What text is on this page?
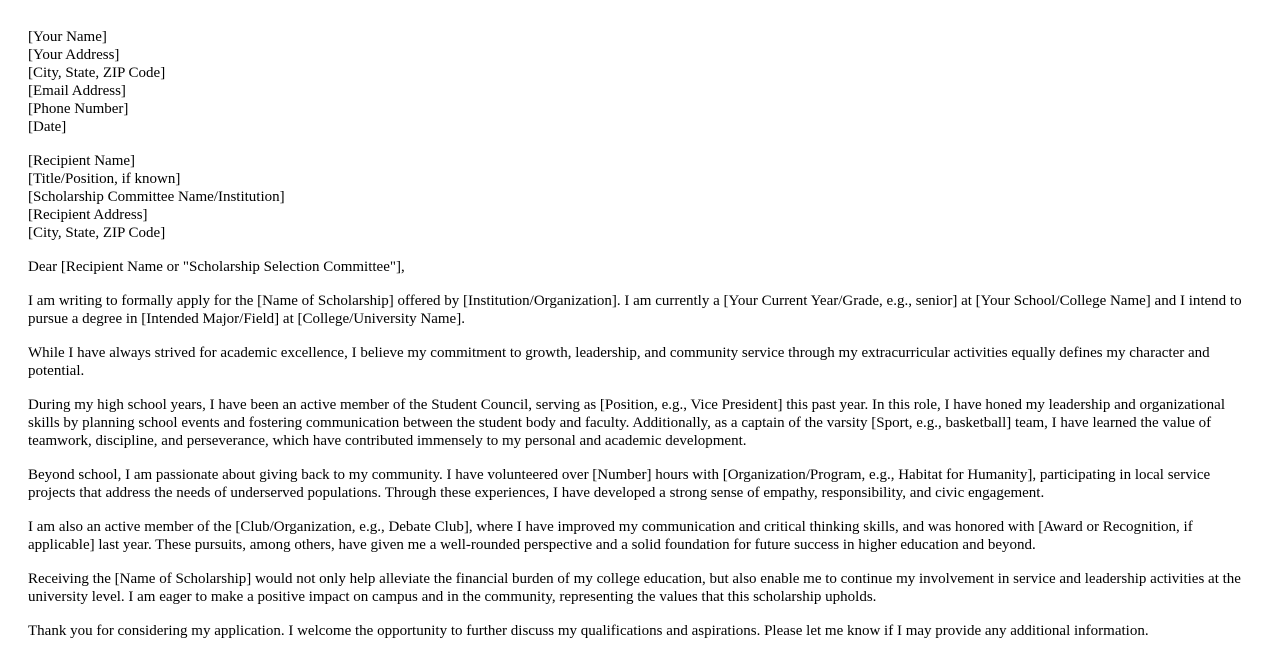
[Your Name]
[Your Address]
[City, State, ZIP Code]
[Email Address]
[Phone Number]
[Date]
[Recipient Name]
[Title/Position, if known]
[Scholarship Committee Name/Institution]
[Recipient Address]
[City, State, ZIP Code]

Dear [Recipient Name or "Scholarship Selection Committee"],

I am writing to formally apply for the [Name of Scholarship] offered by [Institution/Organization]. I am currently a [Your Current Year/Grade, e.g., senior] at [Your School/College Name] and I intend to pursue a degree in [Intended Major/Field] at [College/University Name].

While I have always strived for academic excellence, I believe my commitment to growth, leadership, and community service through my extracurricular activities equally defines my character and potential.

During my high school years, I have been an active member of the Student Council, serving as [Position, e.g., Vice President] this past year. In this role, I have honed my leadership and organizational skills by planning school events and fostering communication between the student body and faculty. Additionally, as a captain of the varsity [Sport, e.g., basketball] team, I have learned the value of teamwork, discipline, and perseverance, which have contributed immensely to my personal and academic development.

Beyond school, I am passionate about giving back to my community. I have volunteered over [Number] hours with [Organization/Program, e.g., Habitat for Humanity], participating in local service projects that address the needs of underserved populations. Through these experiences, I have developed a strong sense of empathy, responsibility, and civic engagement.

I am also an active member of the [Club/Organization, e.g., Debate Club], where I have improved my communication and critical thinking skills, and was honored with [Award or Recognition, if applicable] last year. These pursuits, among others, have given me a well-rounded perspective and a solid foundation for future success in higher education and beyond.

Receiving the [Name of Scholarship] would not only help alleviate the financial burden of my college education, but also enable me to continue my involvement in service and leadership activities at the university level. I am eager to make a positive impact on campus and in the community, representing the values that this scholarship upholds.

Thank you for considering my application. I welcome the opportunity to further discuss my qualifications and aspirations. Please let me know if I may provide any additional information.
